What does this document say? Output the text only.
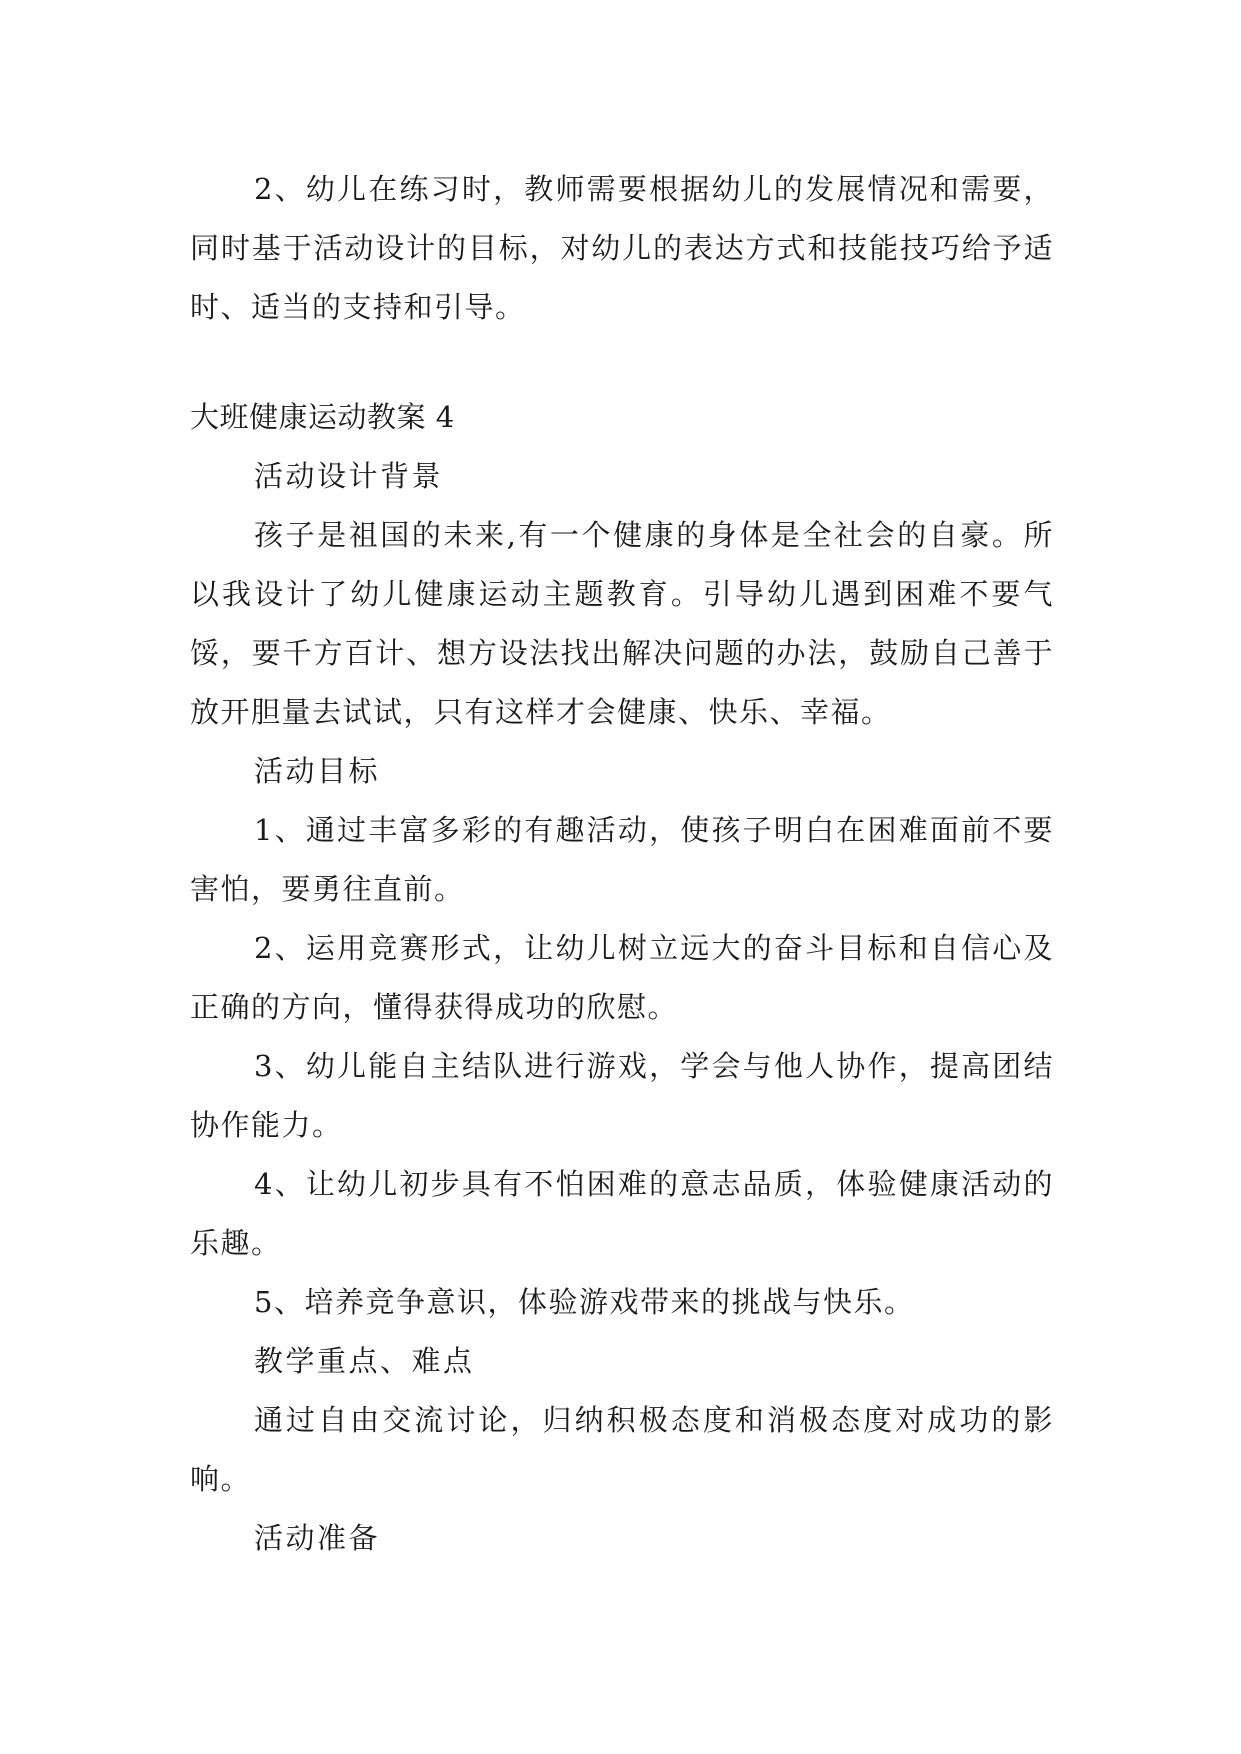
2、幼儿在练习时，教师需要根据幼儿的发展情况和需要，同时基于活动设计的目标，对幼儿的表达方式和技能技巧给予适时、适当的支持和引导。

大班健康运动教案 4

活动设计背景

孩子是祖国的未来,有一个健康的身体是全社会的自豪。所以我设计了幼儿健康运动主题教育。引导幼儿遇到困难不要气馁，要千方百计、想方设法找出解决问题的办法，鼓励自己善于放开胆量去试试，只有这样才会健康、快乐、幸福。

活动目标

1、通过丰富多彩的有趣活动，使孩子明白在困难面前不要害怕，要勇往直前。

2、运用竞赛形式，让幼儿树立远大的奋斗目标和自信心及正确的方向，懂得获得成功的欣慰。

3、幼儿能自主结队进行游戏，学会与他人协作，提高团结协作能力。

4、让幼儿初步具有不怕困难的意志品质，体验健康活动的乐趣。

5、培养竞争意识，体验游戏带来的挑战与快乐。

教学重点、难点

通过自由交流讨论，归纳积极态度和消极态度对成功的影响。

活动准备
